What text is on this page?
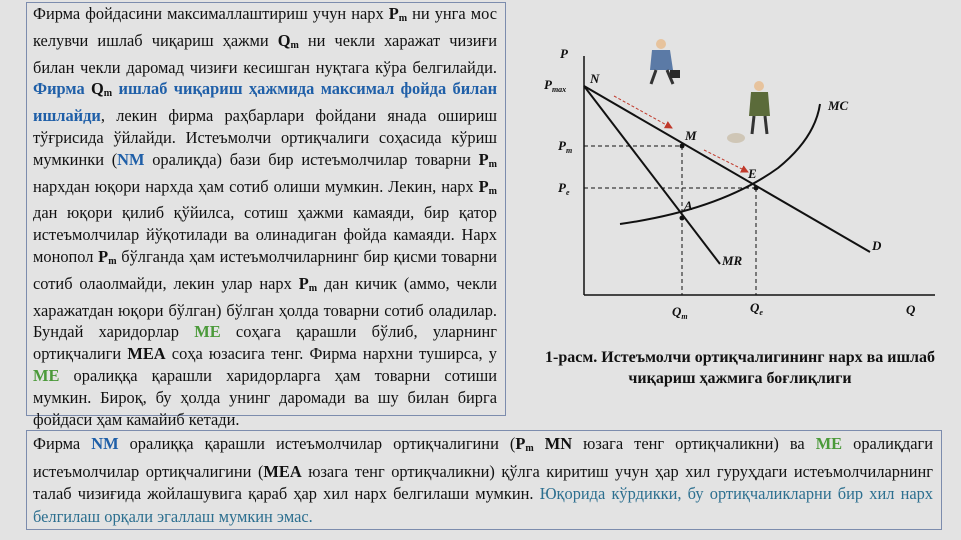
Фирма фойдасини максималлаштириш учун нарх $P_m$ ни унга мос келувчи ишлаб чиқариш ҳажми $Q_m$ ни чекли харажат чизиғи билан чекли даромад чизиғи кесишган нуқтага кўра белгилайди. Фирма $Q_m$ ишлаб чиқариш ҳажмида максимал фойда билан ишлайди, лекин фирма раҳбарлари фойдани янада ошириш тўғрисида ўйлайди. Истеъмолчи ортиқчалиги соҳасида кўриш мумкинки (NM оралиқда) бази бир истеъмолчилар товарни $P_m$ нархдан юқори нархда ҳам сотиб олиши мумкин. Лекин, нарх $P_m$ дан юқори қилиб қўйилса, сотиш ҳажми камаяди, бир қатор истеъмолчилар йўқотилади ва олинадиган фойда камаяди. Нарх монопол $P_m$ бўлганда ҳам истеъмолчиларнинг бир қисми товарни сотиб олаолмайди, лекин улар нарх $P_m$ дан кичик (аммо, чекли харажатдан юқори бўлган) бўлган ҳолда товарни сотиб оладилар. Бундай харидорлар ME соҳага қарашли бўлиб, уларнинг ортиқчалиги MEA соҳа юзасига тенг. Фирма нархни туширса, у ME оралиққа қарашли харидорларга ҳам товарни сотиши мумкин. Бироқ, бу ҳолда унинг даромади ва шу билан бирга фойдаси ҳам камайиб кетади.
P
Q
$P_{max}$
$P_m$
$P_e$
$Q_m$
$Q_e$
N
M
E
A
MC
MR
D
1-расм. Истеъмолчи ортиқчалигининг нарх ва ишлаб чиқариш ҳажмига боғлиқлиги
Фирма NM оралиққа қарашли истеъмолчилар ортиқчалигини ($P_m$ MN юзага тенг ортиқчаликни) ва ME оралиқдаги истеъмолчилар ортиқчалигини (MEA юзага тенг ортиқчаликни) қўлга киритиш учун ҳар хил гуруҳдаги истеъмолчиларнинг талаб чизиғида жойлашувига қараб ҳар хил нарх белгилаши мумкин. Юқорида кўрдикки, бу ортиқчаликларни бир хил нарх белгилаш орқали эгаллаш мумкин эмас.
